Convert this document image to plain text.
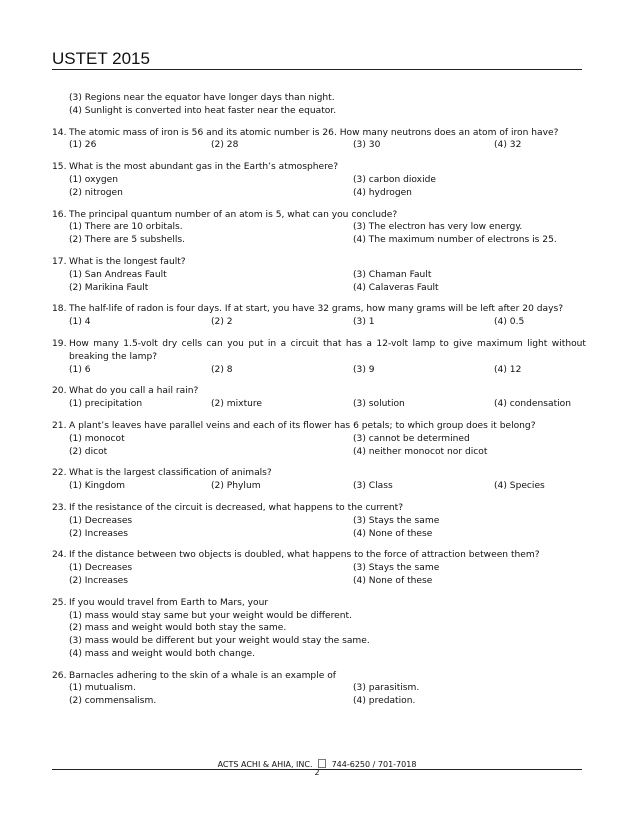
USTET 2015
(3) Regions near the equator have longer days than night.
(4) Sunlight is converted into heat faster near the equator.
14. The atomic mass of iron is 56 and its atomic number is 26. How many neutrons does an atom of iron have?
(1) 26	(2) 28	(3) 30	(4) 32
15. What is the most abundant gas in the Earth’s atmosphere?
(1) oxygen	(3) carbon dioxide
(2) nitrogen	(4) hydrogen
16. The principal quantum number of an atom is 5, what can you conclude?
(1) There are 10 orbitals.	(3) The electron has very low energy.
(2) There are 5 subshells.	(4) The maximum number of electrons is 25.
17. What is the longest fault?
(1) San Andreas Fault	(3) Chaman Fault
(2) Marikina Fault	(4) Calaveras Fault
18. The half-life of radon is four days. If at start, you have 32 grams, how many grams will be left after 20 days?
(1) 4	(2) 2	(3) 1	(4) 0.5
19. How many 1.5-volt dry cells can you put in a circuit that has a 12-volt lamp to give maximum light without breaking the lamp?
(1) 6	(2) 8	(3) 9	(4) 12
20. What do you call a hail rain?
(1) precipitation	(2) mixture	(3) solution	(4) condensation
21. A plant’s leaves have parallel veins and each of its flower has 6 petals; to which group does it belong?
(1) monocot	(3) cannot be determined
(2) dicot	(4) neither monocot nor dicot
22. What is the largest classification of animals?
(1) Kingdom	(2) Phylum	(3) Class	(4) Species
23. If the resistance of the circuit is decreased, what happens to the current?
(1) Decreases	(3) Stays the same
(2) Increases	(4) None of these
24. If the distance between two objects is doubled, what happens to the force of attraction between them?
(1) Decreases	(3) Stays the same
(2) Increases	(4) None of these
25. If you would travel from Earth to Mars, your
(1) mass would stay same but your weight would be different.
(2) mass and weight would both stay the same.
(3) mass would be different but your weight would stay the same.
(4) mass and weight would both change.
26. Barnacles adhering to the skin of a whale is an example of
(1) mutualism.	(3) parasitism.
(2) commensalism.	(4) predation.
ACTS ACHI & AHIA, INC. 744-6250 / 701-7018
2
